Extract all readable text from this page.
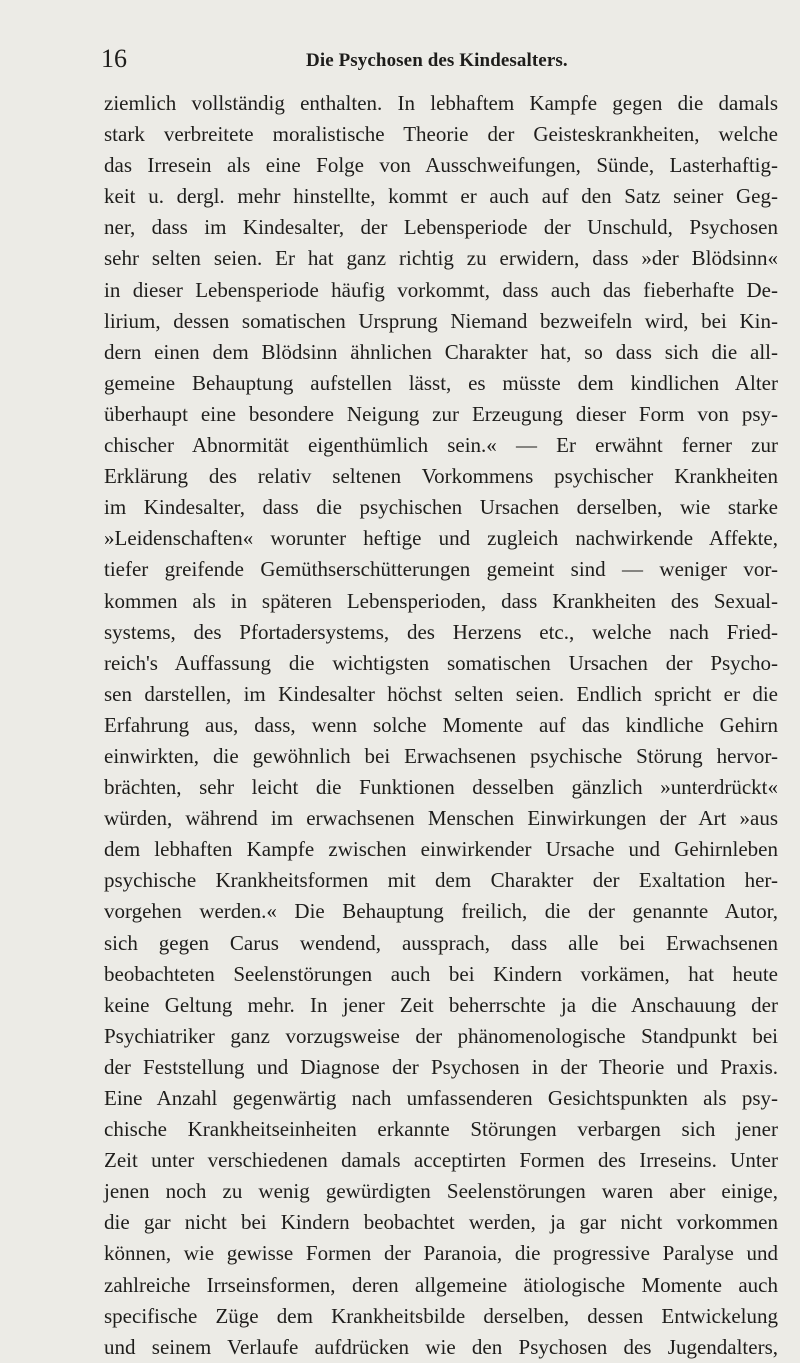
16	Die Psychosen des Kindesalters.
ziemlich vollständig enthalten. In lebhaftem Kampfe gegen die damals
stark verbreitete moralistische Theorie der Geisteskrankheiten, welche
das Irresein als eine Folge von Ausschweifungen, Sünde, Lasterhaftig-
keit u. dergl. mehr hinstellte, kommt er auch auf den Satz seiner Geg-
ner, dass im Kindesalter, der Lebensperiode der Unschuld, Psychosen
sehr selten seien. Er hat ganz richtig zu erwidern, dass »der Blödsinn«
in dieser Lebensperiode häufig vorkommt, dass auch das fieberhafte De-
lirium, dessen somatischen Ursprung Niemand bezweifeln wird, bei Kin-
dern einen dem Blödsinn ähnlichen Charakter hat, so dass sich die all-
gemeine Behauptung aufstellen lässt, es müsste dem kindlichen Alter
überhaupt eine besondere Neigung zur Erzeugung dieser Form von psy-
chischer Abnormität eigenthümlich sein.« — Er erwähnt ferner zur
Erklärung des relativ seltenen Vorkommens psychischer Krankheiten
im Kindesalter, dass die psychischen Ursachen derselben, wie starke
»Leidenschaften« worunter heftige und zugleich nachwirkende Affekte,
tiefer greifende Gemüthserschütterungen gemeint sind — weniger vor-
kommen als in späteren Lebensperioden, dass Krankheiten des Sexual-
systems, des Pfortadersystems, des Herzens etc., welche nach Fried-
reich's Auffassung die wichtigsten somatischen Ursachen der Psycho-
sen darstellen, im Kindesalter höchst selten seien. Endlich spricht er die
Erfahrung aus, dass, wenn solche Momente auf das kindliche Gehirn
einwirkten, die gewöhnlich bei Erwachsenen psychische Störung hervor-
brächten, sehr leicht die Funktionen desselben gänzlich »unterdrückt«
würden, während im erwachsenen Menschen Einwirkungen der Art »aus
dem lebhaften Kampfe zwischen einwirkender Ursache und Gehirnleben
psychische Krankheitsformen mit dem Charakter der Exaltation her-
vorgehen werden.« Die Behauptung freilich, die der genannte Autor,
sich gegen Carus wendend, aussprach, dass alle bei Erwachsenen
beobachteten Seelenstörungen auch bei Kindern vorkämen, hat heute
keine Geltung mehr. In jener Zeit beherrschte ja die Anschauung der
Psychiatriker ganz vorzugsweise der phänomenologische Standpunkt bei
der Feststellung und Diagnose der Psychosen in der Theorie und Praxis.
Eine Anzahl gegenwärtig nach umfassenderen Gesichtspunkten als psy-
chische Krankheitseinheiten erkannte Störungen verbargen sich jener
Zeit unter verschiedenen damals acceptirten Formen des Irreseins. Unter
jenen noch zu wenig gewürdigten Seelenstörungen waren aber einige,
die gar nicht bei Kindern beobachtet werden, ja gar nicht vorkommen
können, wie gewisse Formen der Paranoia, die progressive Paralyse und
zahlreiche Irrseinsformen, deren allgemeine ätiologische Momente auch
specifische Züge dem Krankheitsbilde derselben, dessen Entwickelung
und seinem Verlaufe aufdrücken wie den Psychosen des Jugendalters,
